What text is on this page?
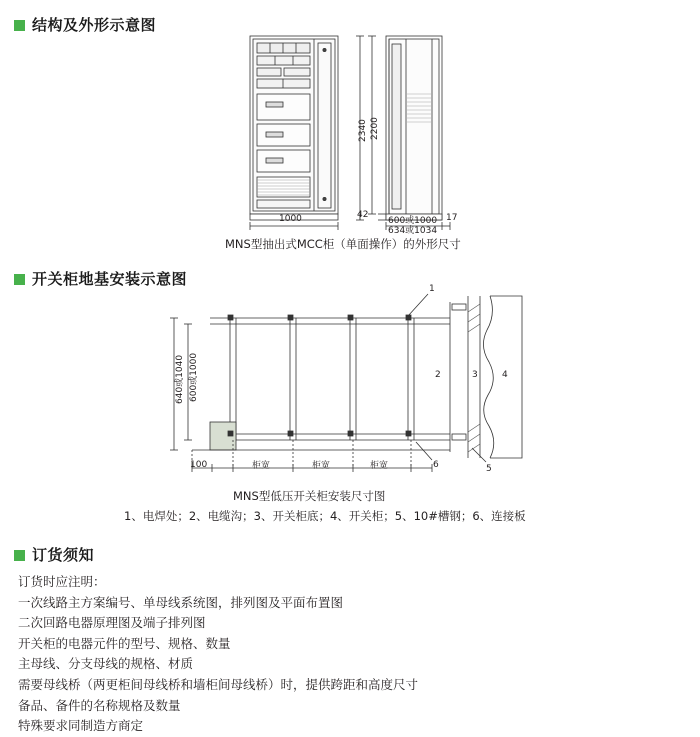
结构及外形示意图
2340 2200
42
1000	600或1000
634或1034
17
MNS型抽出式MCC柜（单面操作）的外形尺寸
开关柜地基安装示意图
640或1040 600或1000
100	柜宽	柜宽	柜宽
1
2	3	4
5
6
MNS型低压开关柜安装尺寸图
1、电焊处；2、电缆沟；3、开关柜底；4、开关柜；5、10#槽钢；6、连接板
订货须知
订货时应注明：
一次线路主方案编号、单母线系统图，排列图及平面布置图
二次回路电器原理图及端子排列图
开关柜的电器元件的型号、规格、数量
主母线、分支母线的规格、材质
需要母线桥（两更柜间母线桥和墙柜间母线桥）时，提供跨距和高度尺寸
备品、备件的名称规格及数量
特殊要求同制造方商定
